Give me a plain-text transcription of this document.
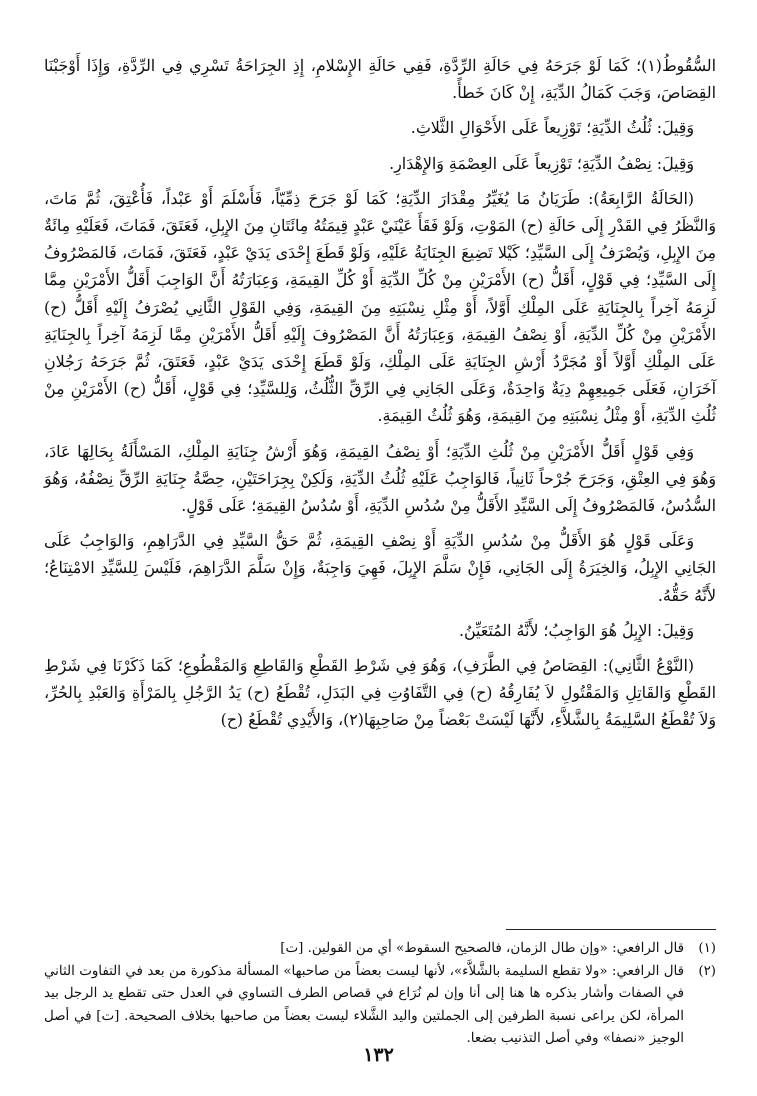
السُّقُوطُ(١)؛ كَمَا لَوْ جَرَحَهُ فِي حَالَةِ الرِّدَّةِ، فَفِي حَالَةِ الإِسْلامِ، إِذِ الجِرَاحَةُ تَسْرِي فِي الرِّدَّةِ، وَإِذَا أَوْجَبْنَا القِصَاصَ، وَجَبَ كَمَالُ الدِّيَةِ، إِنْ كَانَ خَطأً.

وَقِيلَ: ثُلُثُ الدِّيَةِ؛ تَوْزِيعاً عَلَى الأَحْوَالِ الثَّلاثِ.

وَقِيلَ: نِصْفُ الدِّيَةِ؛ تَوْزِيعاً عَلَى العِصْمَةِ وَالإِهْدَارِ.

(الحَالَةُ الرَّابِعَةُ): طَرَيَانُ مَا يُغَيِّرُ مِقْدَارَ الدِّيَةِ؛ كَمَا لَوْ جَرَحَ ذِمِّيّاً، فَأَسْلَمَ أَوْ عَبْداً، فَأُعْتِقَ، ثُمَّ مَاتَ، وَالنَّظَرُ فِي القَدْرِ إِلَى حَالَةِ (ح) المَوْتِ، وَلَوْ فَقَأَ عَيْنَيْ عَبْدٍ قِيمَتُهُ مِائَتَانِ مِنَ الإِبِلِ، فَعَتَقَ، فَمَاتَ، فَعَلَيْهِ مِائَةٌ مِنَ الإِبِلِ، وَيُصْرَفُ إِلَى السَّيِّدِ؛ كَيْلا تَضِيعَ الجِنَايَةُ عَلَيْهِ، وَلَوْ قَطَعَ إِحْدَى يَدَيْ عَبْدٍ، فَعَتَقَ، فَمَاتَ، فَالمَصْرُوفُ إِلَى السَّيِّدِ؛ فِي قَوْلٍ، أَقَلُّ (ح) الأَمْرَيْنِ مِنْ كُلِّ الدِّيَةِ أَوْ كُلِّ القِيمَةِ، وَعِبَارَتُهُ أَنَّ الوَاجِبَ أَقَلُّ الأَمْرَيْنِ مِمَّا لَزِمَهُ آخِراً بِالجِنَايَةِ عَلَى المِلْكِ أَوَّلاً، أَوْ مِثْلِ نِسْبَتِهِ مِنَ القِيمَةِ، وَفِي القَوْلِ الثَّانِي يُصْرَفُ إِلَيْهِ أَقَلُّ (ح) الأَمْرَيْنِ مِنْ كُلِّ الدِّيَةِ، أَوْ نِصْفُ القِيمَةِ، وَعِبَارَتُهُ أَنَّ المَصْرُوفَ إِلَيْهِ أَقَلُّ الأَمْرَيْنِ مِمَّا لَزِمَهُ آخِراً بِالجِنَايَةِ عَلَى المِلْكِ أَوَّلاً أَوْ مُجَرَّدُ أَرْشِ الجِنَايَةِ عَلَى المِلْكِ، وَلَوْ قَطَعَ إِحْدَى يَدَيْ عَبْدٍ، فَعَتَقَ، ثُمَّ جَرَحَهُ رَجُلانِ آخَرَانِ، فَعَلَى جَمِيعِهِمْ دِيَةٌ وَاحِدَةٌ، وَعَلَى الجَانِي فِي الرِّقِّ الثُّلُثُ، وَلِلسَّيِّدِ؛ فِي قَوْلٍ، أَقَلُّ (ح) الأَمْرَيْنِ مِنْ ثُلُثِ الدِّيَةِ، أَوْ مِثْلُ نِسْبَتِهِ مِنَ القِيمَةِ، وَهُوَ ثُلُثُ القِيمَةِ.

وَفِي قَوْلٍ أَقَلُّ الأَمْرَيْنِ مِنْ ثُلُثِ الدِّيَةِ؛ أَوْ نِصْفُ القِيمَةِ، وَهُوَ أَرْشُ جِنَايَةِ المِلْكِ، المَسْأَلَةُ بِحَالِهَا عَادَ، وَهُوَ فِي العِتْقِ، وَجَرَحَ جُرْحاً ثَانِياً، فَالوَاجِبُ عَلَيْهِ ثُلُثُ الدِّيَةِ، وَلَكِنْ بِجِرَاحَتَيْنِ، حِصَّةُ جِنَايَةِ الرِّقِّ نِصْفُهُ، وَهُوَ السُّدُسُ، فَالمَصْرُوفُ إِلَى السَّيِّدِ الأَقَلُّ مِنْ سُدُسِ الدِّيَةِ، أَوْ سُدُسُ القِيمَةِ؛ عَلَى قَوْلٍ.

وَعَلَى قَوْلٍ هُوَ الأَقَلُّ مِنْ سُدُسِ الدِّيَةِ أَوْ نِصْفِ القِيمَةِ، ثُمَّ حَقُّ السَّيِّدِ فِي الدَّرَاهِمِ، وَالوَاجِبُ عَلَى الجَانِي الإِبِلُ، وَالخِيَرَةُ إِلَى الجَانِي، فَإِنْ سَلَّمَ الإِبِلَ، فَهِيَ وَاجِبَةٌ، وَإِنْ سَلَّمَ الدَّرَاهِمَ، فَلَيْسَ لِلسَّيِّدِ الامْتِنَاعُ؛ لأَنَّهُ حَقُّهُ.

وَقِيلَ: الإِبِلُ هُوَ الوَاجِبُ؛ لأَنَّهُ المُتَعَيِّنُ.

(النَّوْعُ الثَّانِي): القِصَاصُ فِي الطَّرَفِ)، وَهُوَ فِي شَرْطِ القَطْعِ وَالقَاطِعِ وَالمَقْطُوعِ؛ كَمَا ذَكَرْنَا فِي شَرْطِ القَطْعِ وَالقَاتِلِ وَالمَقْتُولِ لاَ يُفَارِقُهُ (ح) فِي التَّفَاوُتِ فِي البَدَلِ، تُقْطَعُ (ح) يَدُ الرَّجُلِ بِالمَرْأَةِ وَالعَبْدِ بِالحُرِّ، وَلاَ تُقْطَعُ السَّلِيمَةُ بِالشَّلاَّءِ، لأَنَّهَا لَيْسَتْ بَعْضاً مِنْ صَاحِبِهَا(٢)، وَالأَيْدِي تُقْطَعُ (ح)

(١)
قال الرافعي: «وإن طال الزمان، فالصحيح السقوط» أي من القولين. [ت]
(٢)
قال الرافعي: «ولا تقطع السليمة بالشَّلاَّء»، لأنها ليست بعضاً من صاحبها» المسألة مذكورة من بعد في التفاوت الثاني في الصفات وأشار بذكره ها هنا إلى أنا وإن لم نُرَاع في قصاص الطرف التساوي في العدل حتى تقطع يد الرجل بيد المرأة، لكن يراعى نسبة الطرفين إلى الجملتين واليد الشَّلاء ليست بعضاً من صاحبها بخلاف الصحيحة. [ت] في أصل الوجيز «نصفا» وفي أصل التذنيب بضعا.
١٣٢
